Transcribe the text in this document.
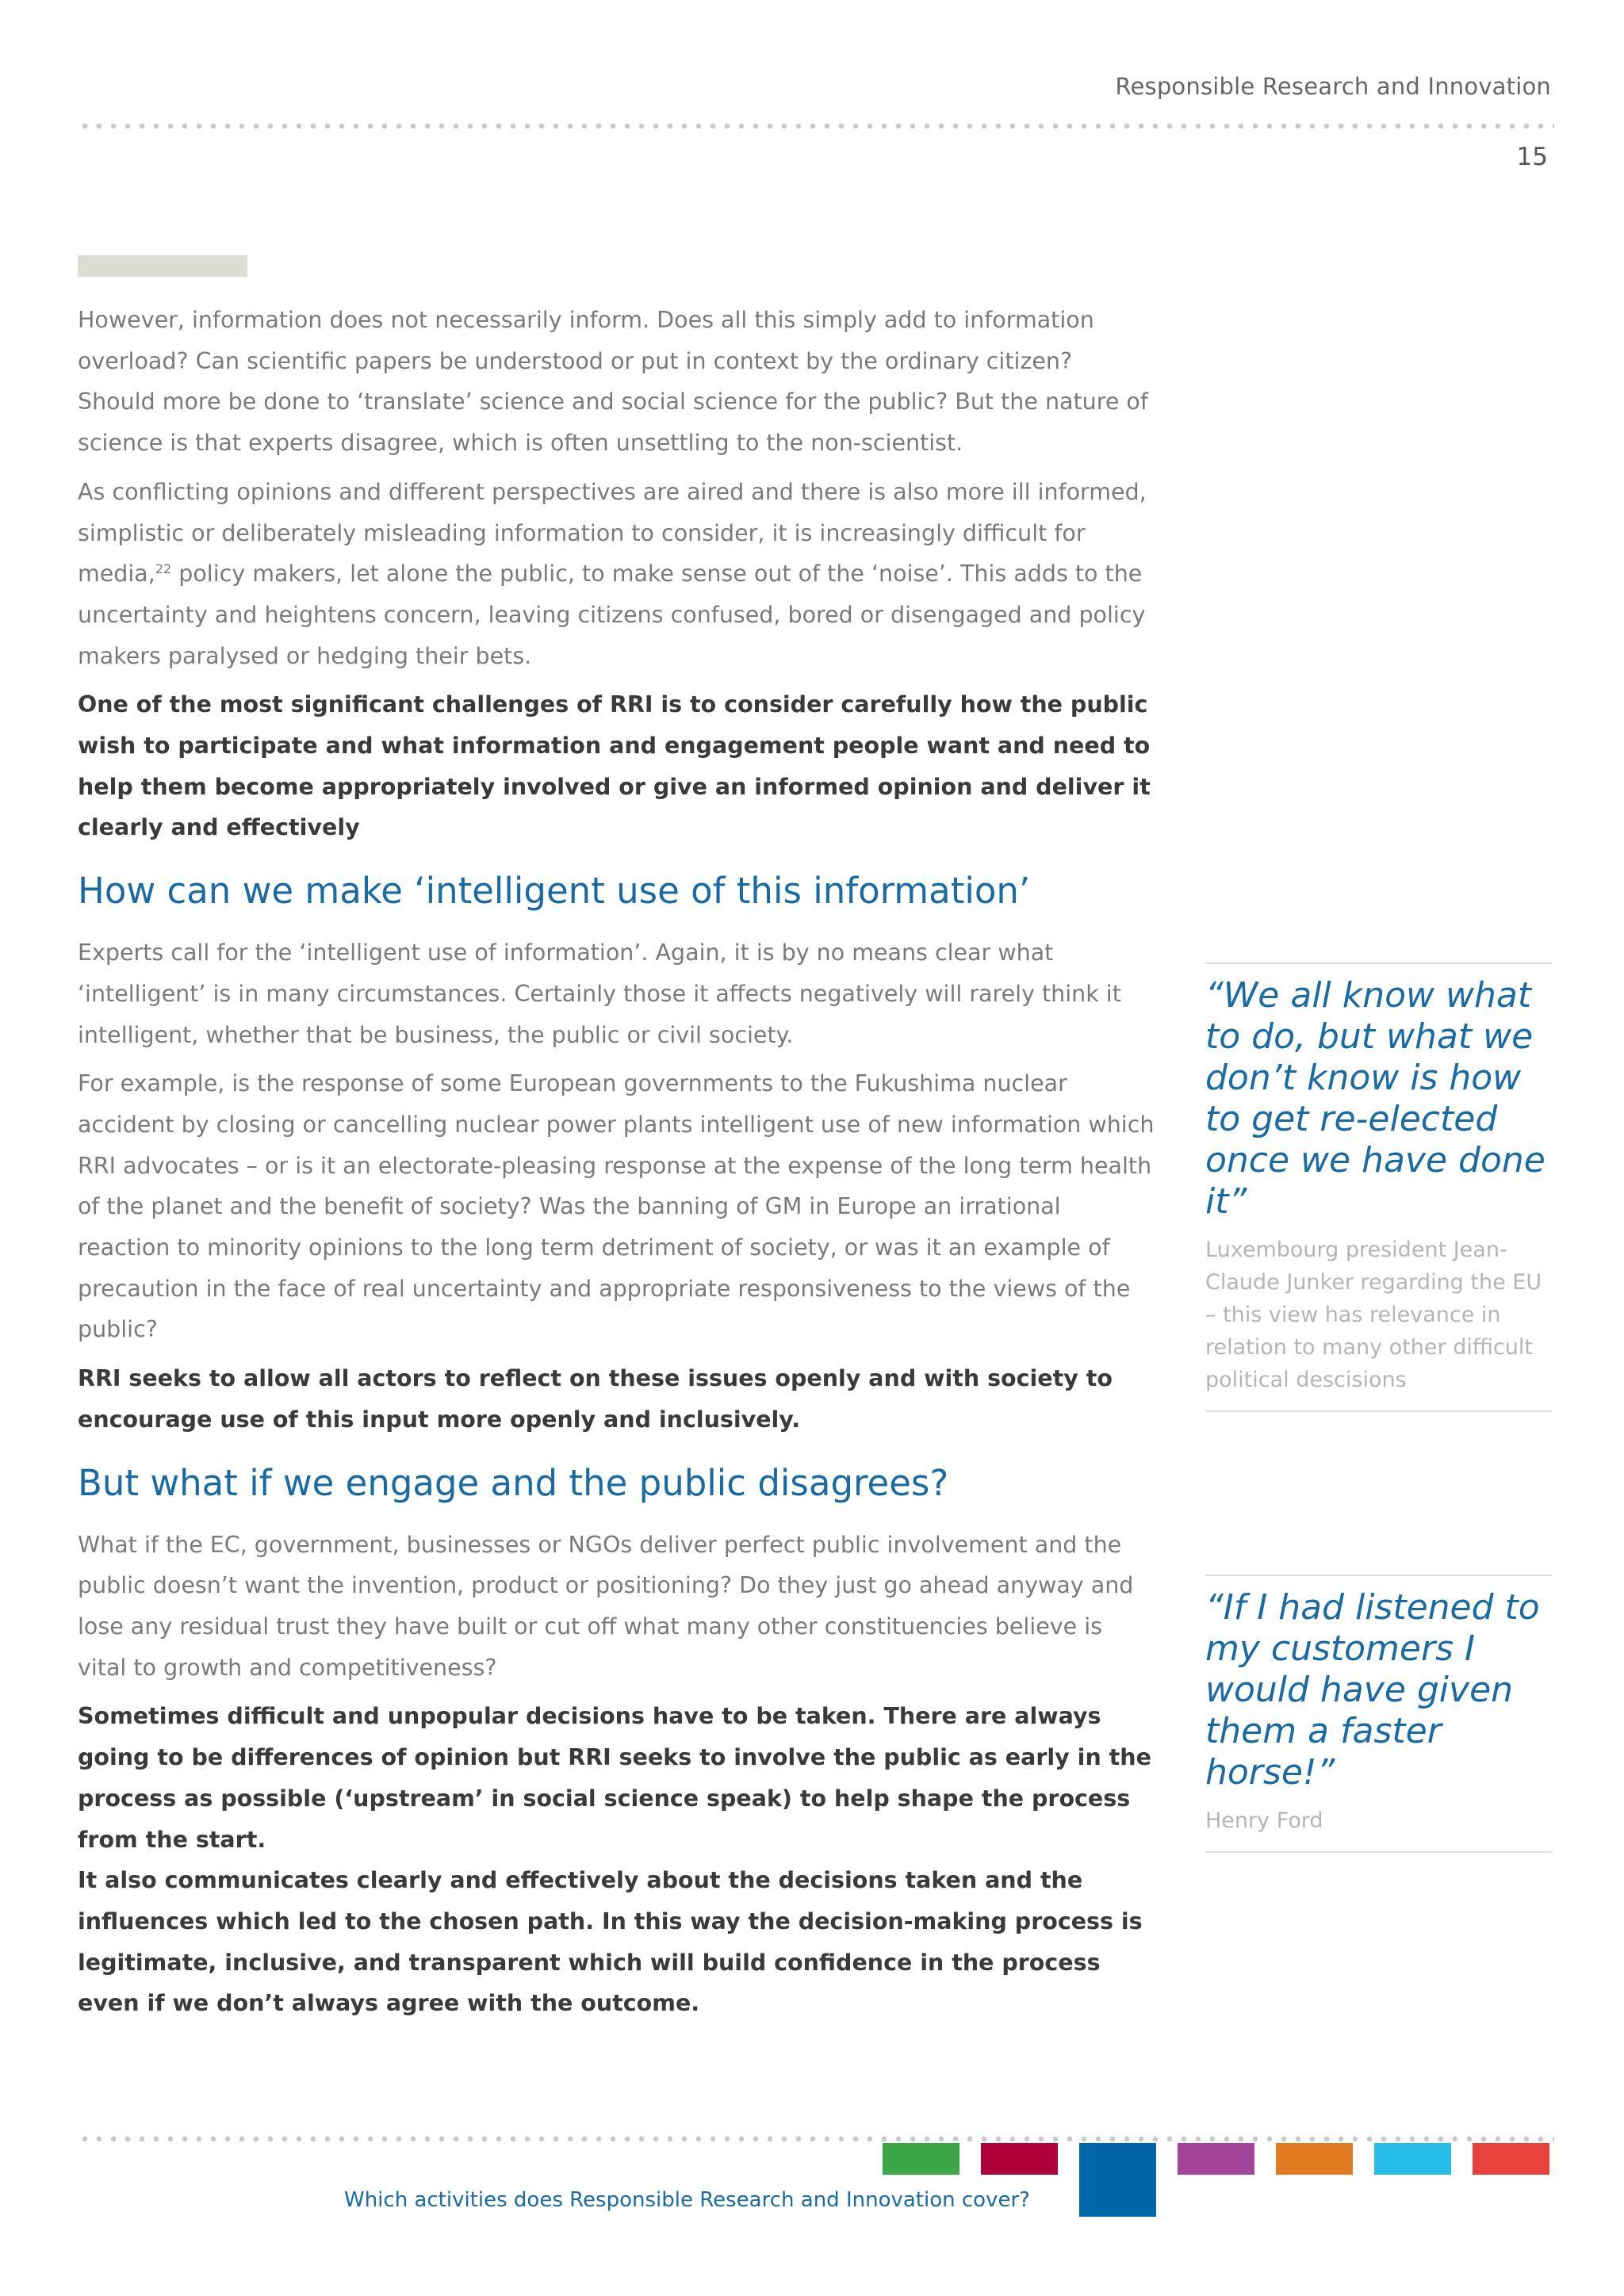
Responsible Research and Innovation
15

However, information does not necessarily inform. Does all this simply add to information overload? Can scientific papers be understood or put in context by the ordinary citizen? Should more be done to ‘translate’ science and social science for the public? But the nature of science is that experts disagree, which is often unsettling to the non-scientist.

As conflicting opinions and different perspectives are aired and there is also more ill informed, simplistic or deliberately misleading information to consider, it is increasingly difficult for media,$^{22}$ policy makers, let alone the public, to make sense out of the ‘noise’. This adds to the uncertainty and heightens concern, leaving citizens confused, bored or disengaged and policy makers paralysed or hedging their bets.

One of the most significant challenges of RRI is to consider carefully how the public wish to participate and what information and engagement people want and need to help them become appropriately involved or give an informed opinion and deliver it clearly and effectively

How can we make ‘intelligent use of this information’

Experts call for the ‘intelligent use of information’. Again, it is by no means clear what ‘intelligent’ is in many circumstances. Certainly those it affects negatively will rarely think it intelligent, whether that be business, the public or civil society.

For example, is the response of some European governments to the Fukushima nuclear accident by closing or cancelling nuclear power plants intelligent use of new information which RRI advocates – or is it an electorate-pleasing response at the expense of the long term health of the planet and the benefit of society? Was the banning of GM in Europe an irrational reaction to minority opinions to the long term detriment of society, or was it an example of precaution in the face of real uncertainty and appropriate responsiveness to the views of the public?

RRI seeks to allow all actors to reflect on these issues openly and with society to encourage use of this input more openly and inclusively.

But what if we engage and the public disagrees?

What if the EC, government, businesses or NGOs deliver perfect public involvement and the public doesn’t want the invention, product or positioning? Do they just go ahead anyway and lose any residual trust they have built or cut off what many other constituencies believe is vital to growth and competitiveness?

Sometimes difficult and unpopular decisions have to be taken. There are always going to be differences of opinion but RRI seeks to involve the public as early in the process as possible (‘upstream’ in social science speak) to help shape the process from the start.

It also communicates clearly and effectively about the decisions taken and the influences which led to the chosen path. In this way the decision-making process is legitimate, inclusive, and transparent which will build confidence in the process even if we don’t always agree with the outcome.

“We all know what to do, but what we don’t know is how to get re-elected once we have done it”
Luxembourg president Jean-Claude Junker regarding the EU – this view has relevance in relation to many other difficult political descisions
“If I had listened to my customers I would have given them a faster horse!”
Henry Ford
Which activities does Responsible Research and Innovation cover?
